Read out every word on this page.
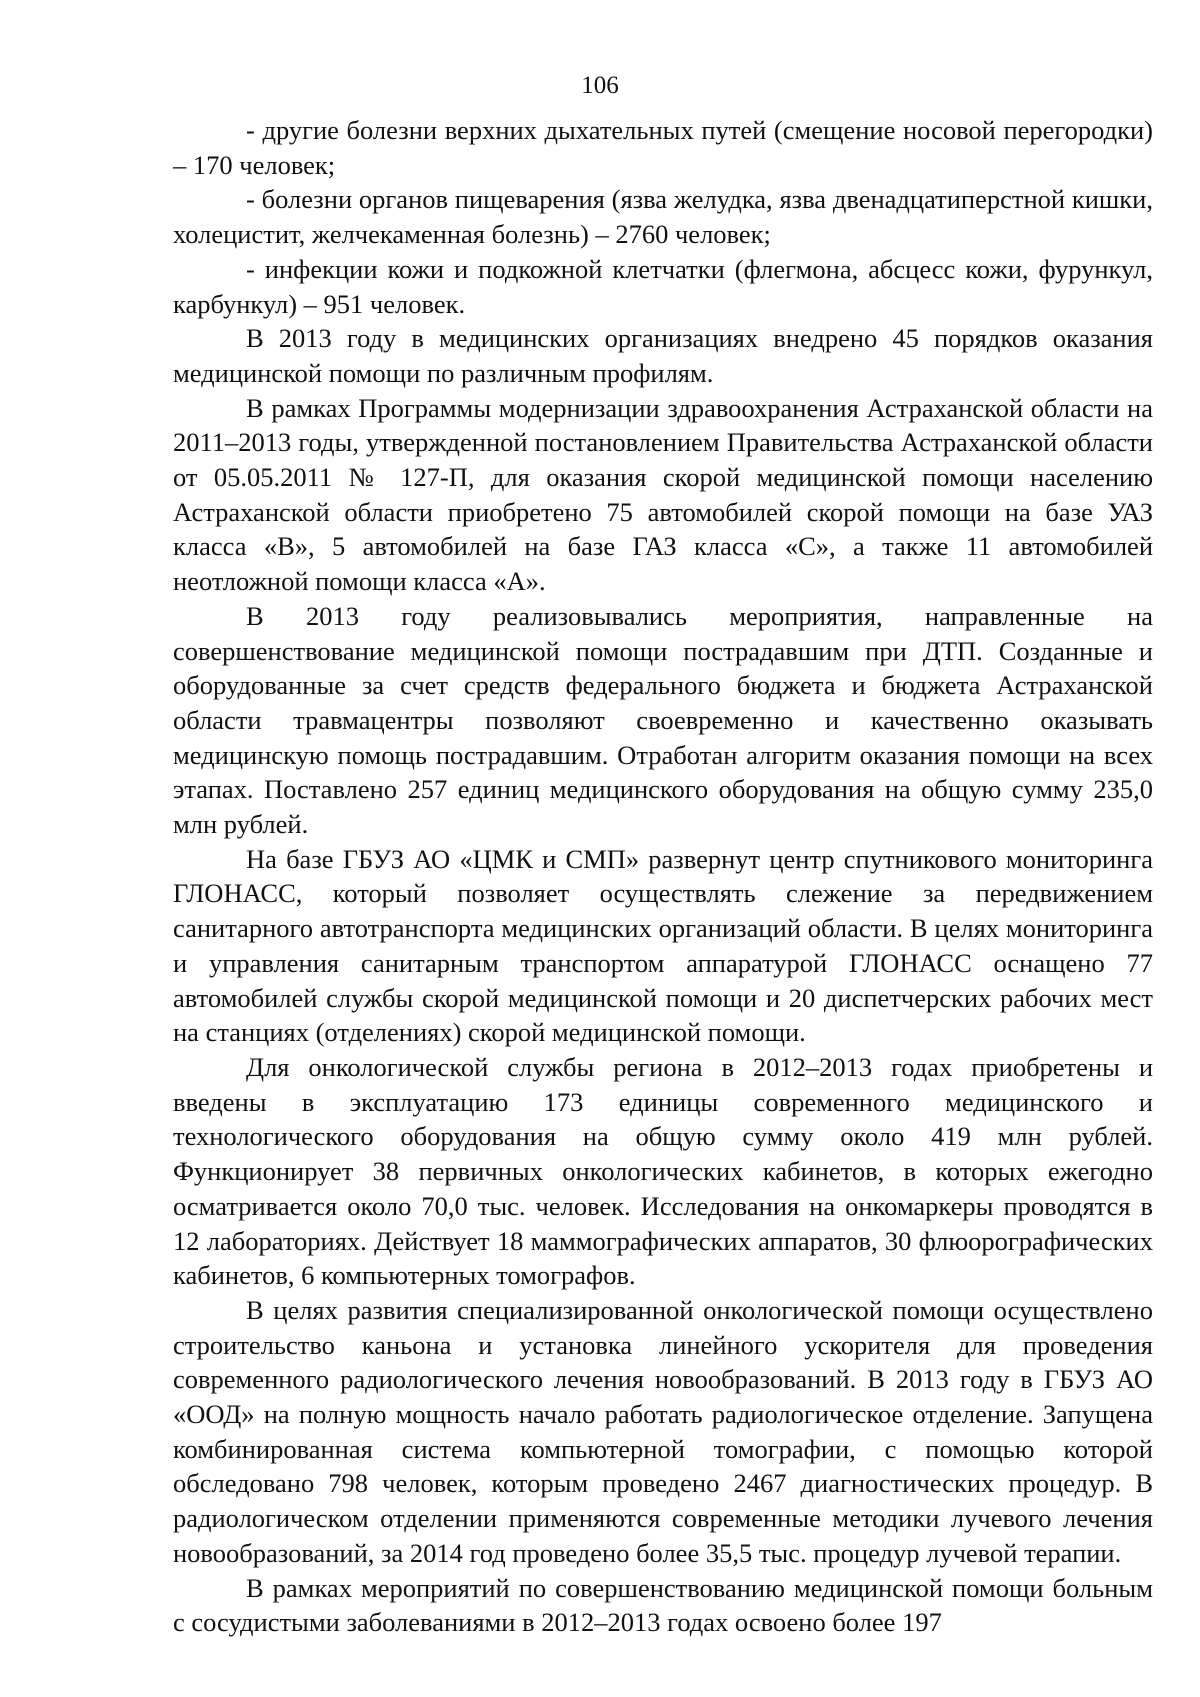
106

- другие болезни верхних дыхательных путей (смещение носовой перегородки) – 170 человек;

- болезни органов пищеварения (язва желудка, язва двенадцатиперстной кишки, холецистит, желчекаменная болезнь) – 2760 человек;

- инфекции кожи и подкожной клетчатки (флегмона, абсцесс кожи, фурункул, карбункул) – 951 человек.

В 2013 году в медицинских организациях внедрено 45 порядков оказания медицинской помощи по различным профилям.

В рамках Программы модернизации здравоохранения Астраханской области на 2011–2013 годы, утвержденной постановлением Правительства Астраханской области от 05.05.2011 № 127-П, для оказания скорой медицинской помощи населению Астраханской области приобретено 75 автомобилей скорой помощи на базе УАЗ класса «В», 5 автомобилей на базе ГАЗ класса «С», а также 11 автомобилей неотложной помощи класса «А».

В 2013 году реализовывались мероприятия, направленные на совершенствование медицинской помощи пострадавшим при ДТП. Созданные и оборудованные за счет средств федерального бюджета и бюджета Астраханской области травмацентры позволяют своевременно и качественно оказывать медицинскую помощь пострадавшим. Отработан алгоритм оказания помощи на всех этапах. Поставлено 257 единиц медицинского оборудования на общую сумму 235,0 млн рублей.

На базе ГБУЗ АО «ЦМК и СМП» развернут центр спутникового мониторинга ГЛОНАСС, который позволяет осуществлять слежение за передвижением санитарного автотранспорта медицинских организаций области. В целях мониторинга и управления санитарным транспортом аппаратурой ГЛОНАСС оснащено 77 автомобилей службы скорой медицинской помощи и 20 диспетчерских рабочих мест на станциях (отделениях) скорой медицинской помощи.

Для онкологической службы региона в 2012–2013 годах приобретены и введены в эксплуатацию 173 единицы современного медицинского и технологического оборудования на общую сумму около 419 млн рублей. Функционирует 38 первичных онкологических кабинетов, в которых ежегодно осматривается около 70,0 тыс. человек. Исследования на онкомаркеры проводятся в 12 лабораториях. Действует 18 маммографических аппаратов, 30 флюорографических кабинетов, 6 компьютерных томографов.

В целях развития специализированной онкологической помощи осуществлено строительство каньона и установка линейного ускорителя для проведения современного радиологического лечения новообразований. В 2013 году в ГБУЗ АО «ООД» на полную мощность начало работать радиологическое отделение. Запущена комбинированная система компьютерной томографии, с помощью которой обследовано 798 человек, которым проведено 2467 диагностических процедур. В радиологическом отделении применяются современные методики лучевого лечения новообразований, за 2014 год проведено более 35,5 тыс. процедур лучевой терапии.

В рамках мероприятий по совершенствованию медицинской помощи больным с сосудистыми заболеваниями в 2012–2013 годах освоено более 197
